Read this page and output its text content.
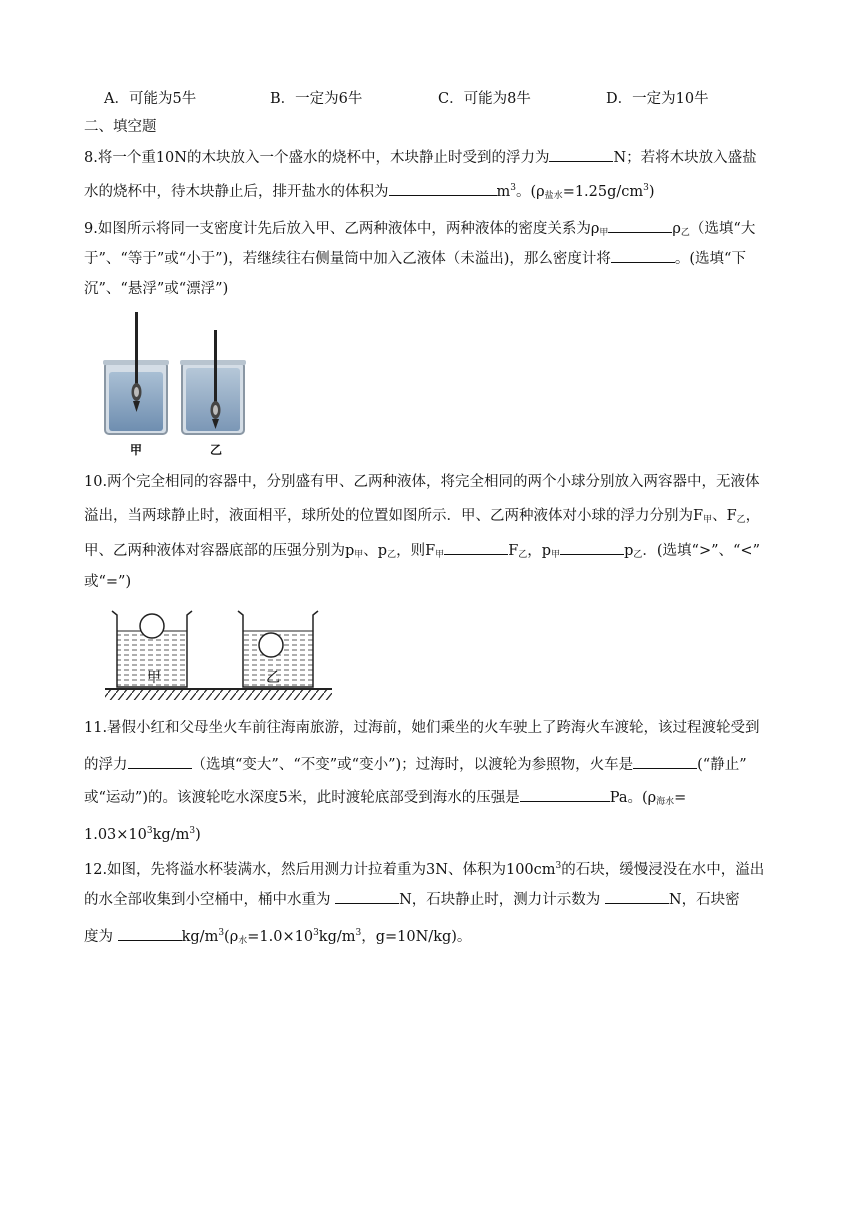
A．可能为5牛	B．一定为6牛	C．可能为8牛	D．一定为10牛
二、填空题
8.将一个重10N的木块放入一个盛水的烧杯中，木块静止时受到的浮力为	N；若将木块放入盛盐
水的烧杯中，待木块静止后，排开盐水的体积为	$m^3$。$(\rho_{盐水}=1.25g/cm^3)$
9.如图所示将同一支密度计先后放入甲、乙两种液体中，两种液体的密度关系为$\rho_甲$	$\rho_乙$（选填“大
于”、“等于”或“小于”)，若继续往右侧量筒中加入乙液体（未溢出)，那么密度计将	。(选填“下
沉”、“悬浮”或“漂浮”)
甲	乙
10.两个完全相同的容器中，分别盛有甲、乙两种液体，将完全相同的两个小球分别放入两容器中，无液体
溢出，当两球静止时，液面相平，球所处的位置如图所示．甲、乙两种液体对小球的浮力分别为$F_甲$、$F_乙$，
甲、乙两种液体对容器底部的压强分别为$p_甲$、$p_乙$，则$F_甲$	$F_乙$，$p_甲$	$p_乙$．(选填“>”、“<”
或“=”)
甲	乙
11.暑假小红和父母坐火车前往海南旅游，过海前，她们乘坐的火车驶上了跨海火车渡轮，该过程渡轮受到
的浮力	（选填“变大”、“不变”或“变小”)；过海时，以渡轮为参照物，火车是	(“静止”
或“运动”)的。该渡轮吃水深度5米，此时渡轮底部受到海水的压强是	Pa。($\rho_{海水}=$
$1.03\times 10^3kg/m^3$)
12.如图，先将溢水杯装满水，然后用测力计拉着重为3N、体积为$100cm^3$的石块，缓慢浸没在水中，溢出
的水全部收集到小空桶中，桶中水重为	N，石块静止时，测力计示数为	N，石块密
度为	$kg/m^3(\rho_水=1.0\times 10^3kg/m^3$，g=10N/kg)。
